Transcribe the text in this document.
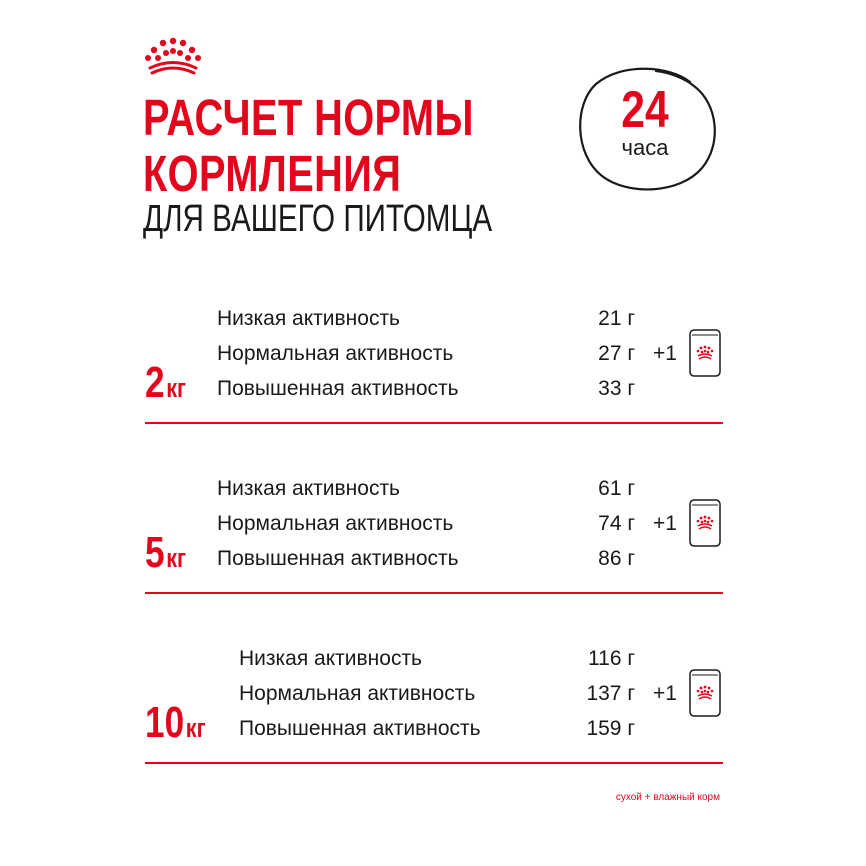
РАСЧЕТ НОРМЫ
КОРМЛЕНИЯ
ДЛЯ ВАШЕГО ПИТОМЦА
24
часа
2кг
Низкая активность	21 г
Нормальная активность	27 г
Повышенная активность	33 г
+1
5кг
Низкая активность	61 г
Нормальная активность	74 г
Повышенная активность	86 г
+1
10кг
Низкая активность	116 г
Нормальная активность	137 г
Повышенная активность	159 г
+1
сухой + влажный корм
